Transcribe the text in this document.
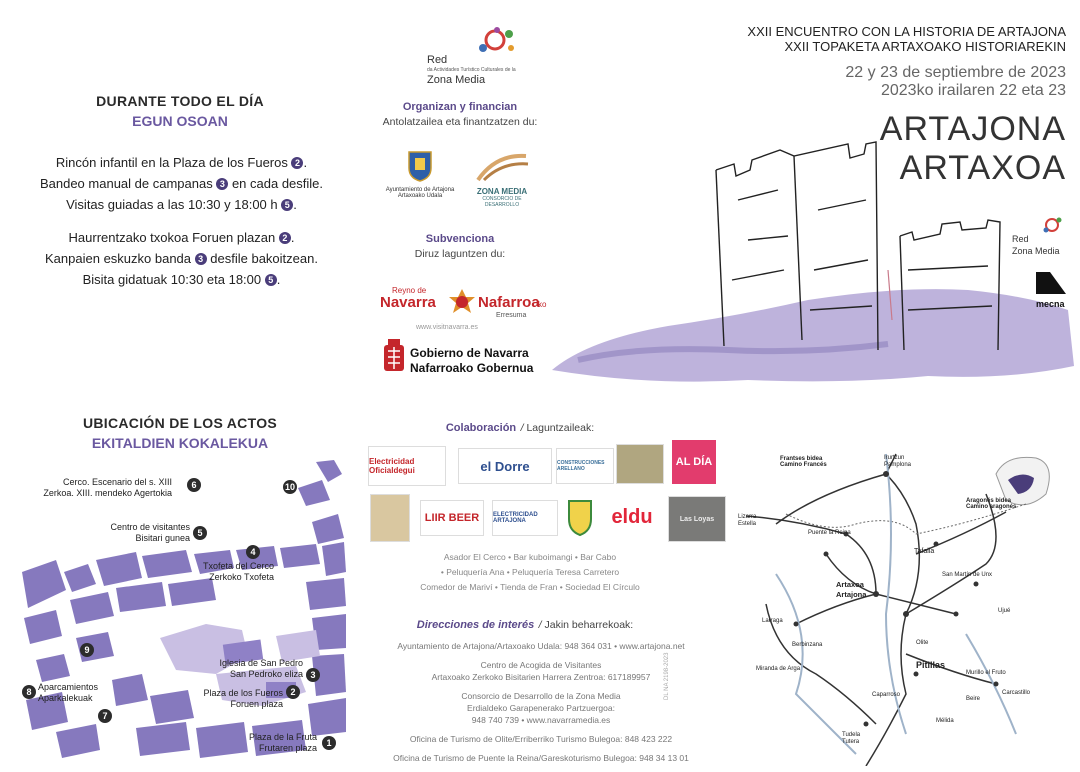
DURANTE TODO EL DÍA
EGUN OSOAN
Rincón infantil en la Plaza de los Fueros 2 .
Bandeo manual de campanas 3 en cada desfile.
Visitas guiadas a las 10:30 y 18:00 h 5 .
Haurrentzako txokoa Foruen plazan 2 .
Kanpaien eskuzko banda 3 desfile bakoitzean.
Bisita gidatuak 10:30 eta 18:00 5 .
UBICACIÓN DE LOS ACTOS
EKITALDIEN KOKALEKUA
Cerco. Escenario del s. XIII
Zerkoa. XIII. mendeko Agertokia
6	10
Centro de visitantes
Bisitari gunea 5
4
Txofeta del Cerco
Zerkoko Txofeta
9
Iglesia de San Pedro
San Pedroko eliza 3
Plaza de los Fueros
Foruen plaza
2
8 Aparcamientos
Aparkalekuak
7
Plaza de la Fruta
Frutaren plaza	1
Red
da Actividades Turístico Culturales de la
Zona Media
Organizan y financian
Antolatzailea eta finantzatzen du:
Ayuntamiento de Artajona
Artaxoako Udala	ZONA MEDIA
CONSORCIO DE DESARROLLO
Subvenciona
Diruz laguntzen du:
Reyno de
Navarra	Nafarroa
ko
Erresuma
www.visitnavarra.es
Gobierno de Navarra
Nafarroako Gobernua
Colaboración / Laguntzaileak:
Electricidad Oficialdegui	el Dorre	CONSTRUCCIONES ARELLANO
AL DÍA
LIIR BEER ELECTRICIDAD ARTAJONA	eldu	Las Loyas
Asador El Cerco • Bar kuboimangi • Bar Cabo
• Peluquería Ana • Peluquería Teresa Carretero
Comedor de Mariví • Tienda de Fran • Sociedad El Círculo
Direcciones de interés / Jakin beharrekoak:
Ayuntamiento de Artajona/Artaxoako Udala: 948 364 031 • www.artajona.net
Centro de Acogida de Visitantes
Artaxoako Zerkoko Bisitarien Harrera Zentroa: 617189957
Consorcio de Desarrollo de la Zona Media
Erdialdeko Garapenerako Partzuergoa:
948 740 739 • www.navarramedia.es
Oficina de Turismo de Olite/Erriberriko Turismo Bulegoa: 848 423 222
Oficina de Turismo de Puente la Reina/Gareskoturismo Bulegoa: 948 34 13 01
DL NA 2198-2023
XXII ENCUENTRO CON LA HISTORIA DE ARTAJONA
XXII TOPAKETA ARTAXOAKO HISTORIAREKIN
22 y 23 de septiembre de 2023
2023ko irailaren 22 eta 23
ARTAJONA
ARTAXOA
Red
Zona Media
mecna
Irurtzun
Pamplona
Frantses bidea Camino Francés
Lizarra
Estella
Puente la Reina
Artaxoa
Artajona
Tafalla
Pitillas
Olite
Larraga
Berbinzana
Miranda de Arga
Caparroso
Tudela
Tutera
Aragonés bidea Camino aragonés
Carcastillo
Beire
Mélida
Murillo el Fruto
San Martín de Unx
Ujué
